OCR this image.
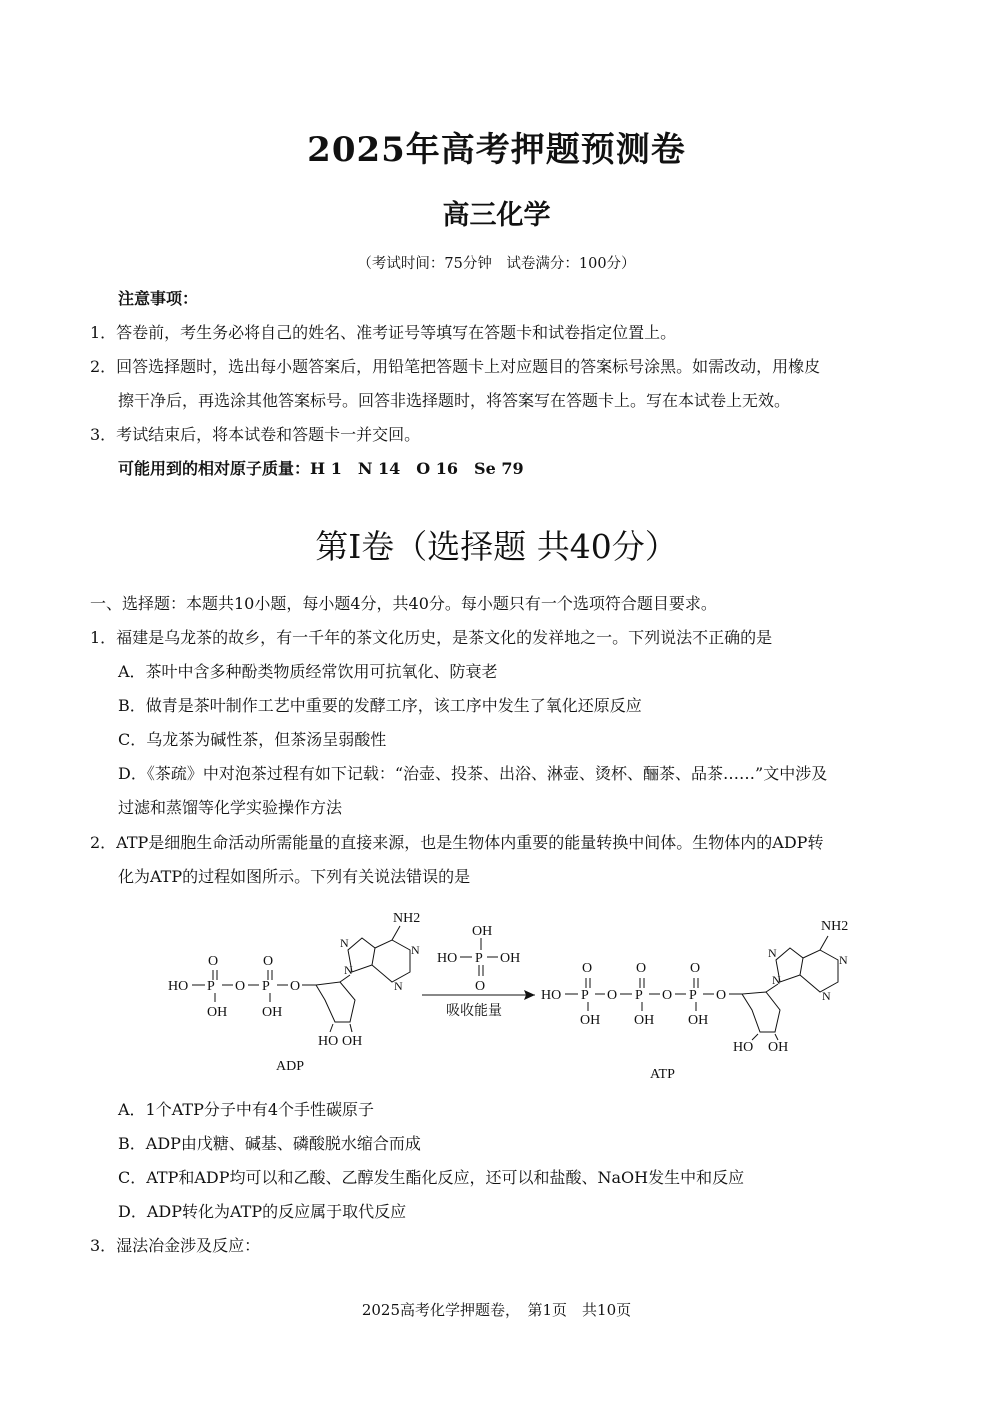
2025年高考押题预测卷
高三化学
（考试时间：75分钟　试卷满分：100分）
注意事项：
1．答卷前，考生务必将自己的姓名、准考证号等填写在答题卡和试卷指定位置上。
2．回答选择题时，选出每小题答案后，用铅笔把答题卡上对应题目的答案标号涂黑。如需改动，用橡皮
擦干净后，再选涂其他答案标号。回答非选择题时，将答案写在答题卡上。写在本试卷上无效。
3．考试结束后，将本试卷和答题卡一并交回。
可能用到的相对原子质量：H 1　N 14　O 16　Se 79
第Ⅰ卷（选择题 共40分）
一、选择题：本题共10小题，每小题4分，共40分。每小题只有一个选项符合题目要求。
1．福建是乌龙茶的故乡，有一千年的茶文化历史，是茶文化的发祥地之一。下列说法不正确的是
A．茶叶中含多种酚类物质经常饮用可抗氧化、防衰老
B．做青是茶叶制作工艺中重要的发酵工序，该工序中发生了氧化还原反应
C．乌龙茶为碱性茶，但茶汤呈弱酸性
D．《茶疏》中对泡茶过程有如下记载：“治壶、投茶、出浴、淋壶、烫杯、酾茶、品茶……”文中涉及
过滤和蒸馏等化学实验操作方法
2．ATP是细胞生命活动所需能量的直接来源，也是生物体内重要的能量转换中间体。生物体内的ADP转
化为ATP的过程如图所示。下列有关说法错误的是
HO P
O
OH
O P
O
OH
O
HO OH
N
N	N
N
NH2
ADP
OH
HO P OH
O
吸收能量
HO P
O
OH
O P
O
OH
O P
O
OH
O
HO OH
N
N	N
N
NH2
ATP
A．1个ATP分子中有4个手性碳原子
B．ADP由戊糖、碱基、磷酸脱水缩合而成
C．ATP和ADP均可以和乙酸、乙醇发生酯化反应，还可以和盐酸、NaOH发生中和反应
D．ADP转化为ATP的反应属于取代反应
3．湿法冶金涉及反应：
2025高考化学押题卷，　第1页　共10页
